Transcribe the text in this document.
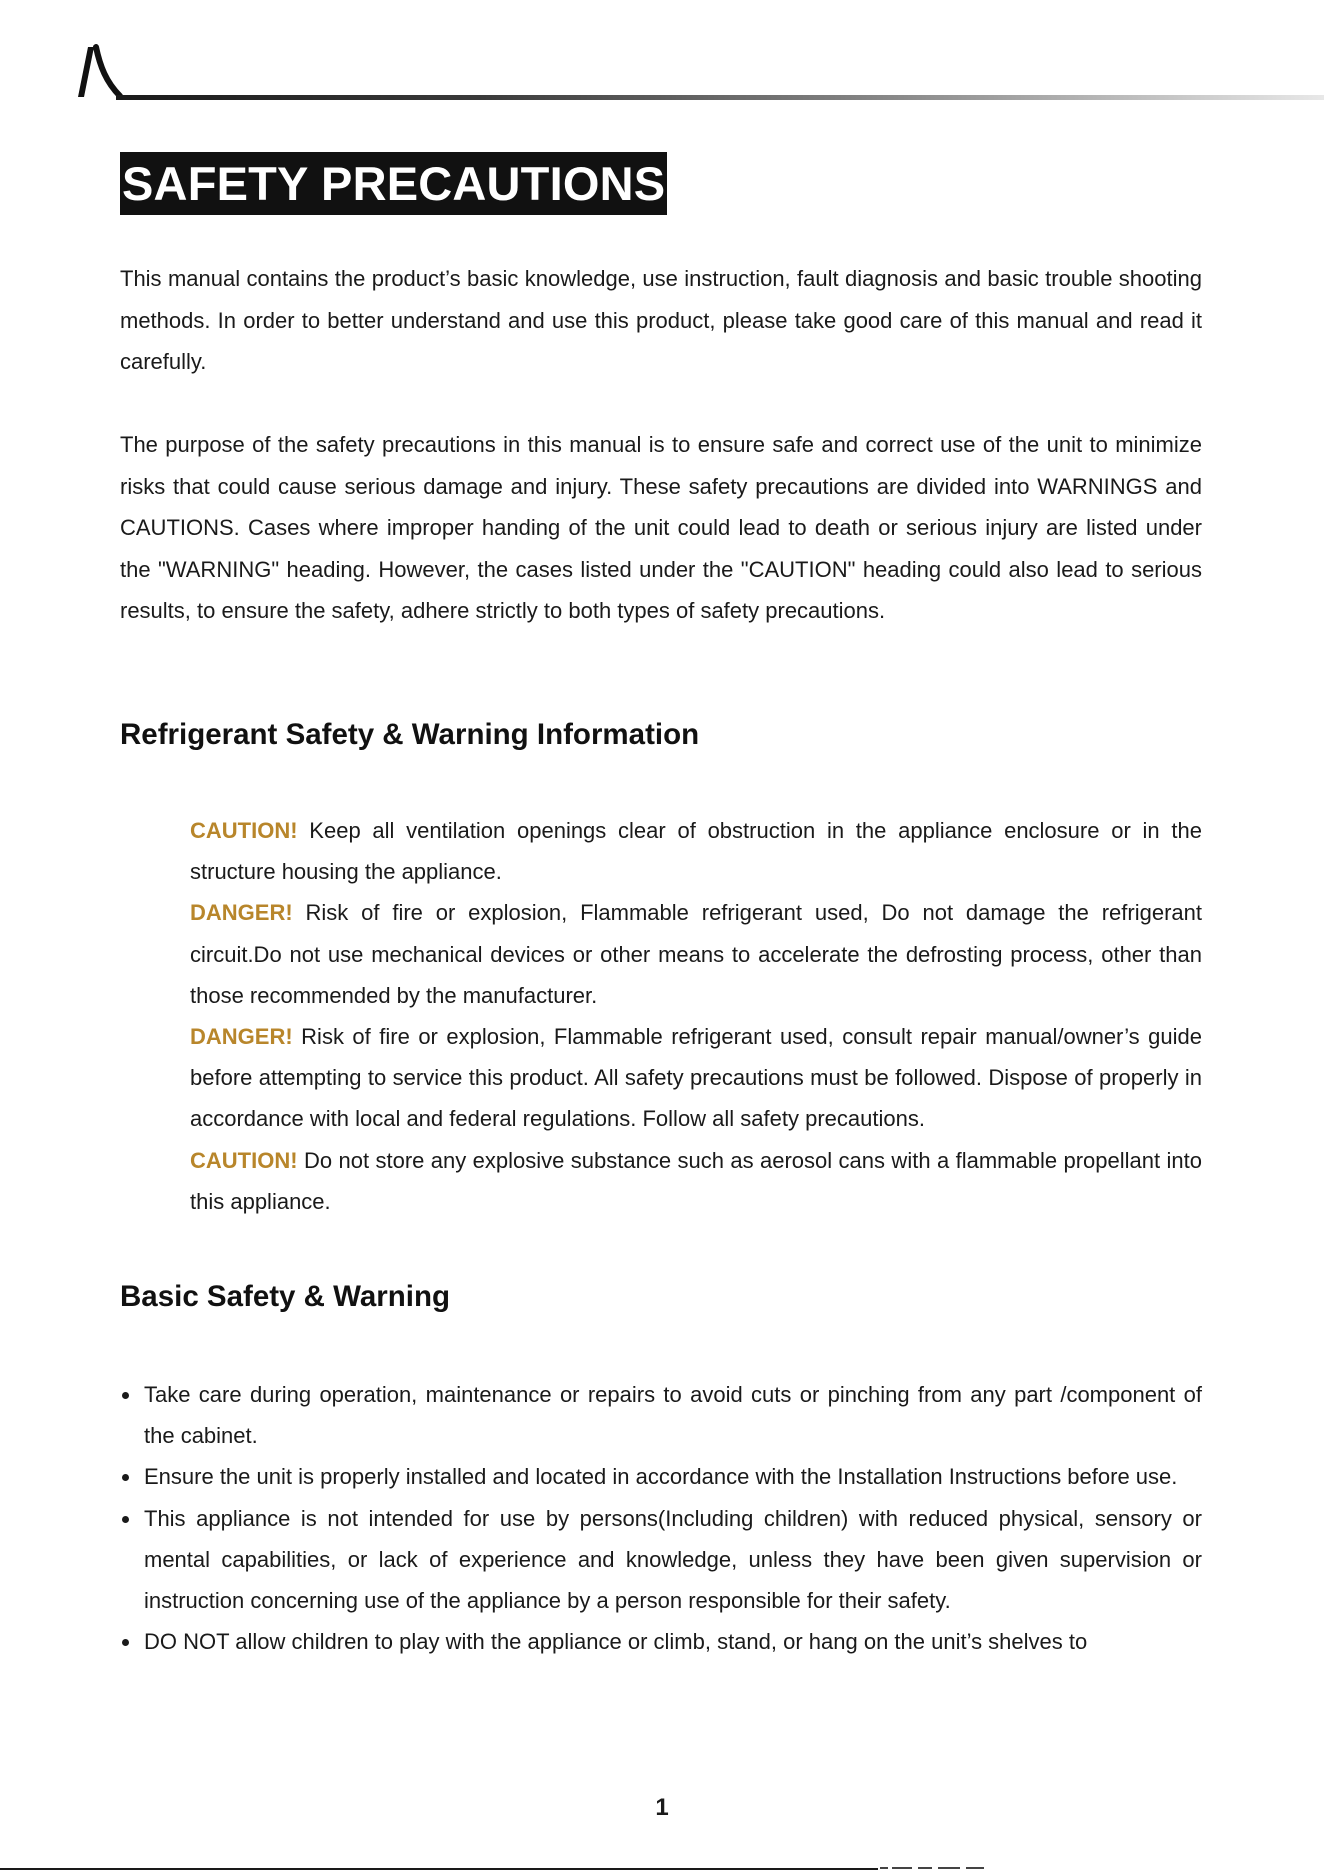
SAFETY PRECAUTIONS

This manual contains the product’s basic knowledge, use instruction, fault diagnosis and basic trouble shooting methods. In order to better understand and use this product, please take good care of this manual and read it carefully.

The purpose of the safety precautions in this manual is to ensure safe and correct use of the unit to minimize risks that could cause serious damage and injury. These safety precautions are divided into WARNINGS and CAUTIONS. Cases where improper handing of the unit could lead to death or serious injury are listed under the "WARNING" heading. However, the cases listed under the "CAUTION" heading could also lead to serious results, to ensure the safety, adhere strictly to both types of safety precautions.

Refrigerant Safety & Warning Information

CAUTION! Keep all ventilation openings clear of obstruction in the appliance enclosure or in the structure housing the appliance.

DANGER! Risk of fire or explosion, Flammable refrigerant used, Do not damage the refrigerant circuit.Do not use mechanical devices or other means to accelerate the defrosting process, other than those recommended by the manufacturer.

DANGER! Risk of fire or explosion, Flammable refrigerant used, consult repair manual/owner’s guide before attempting to service this product. All safety precautions must be followed. Dispose of properly in accordance with local and federal regulations. Follow all safety precautions.

CAUTION! Do not store any explosive substance such as aerosol cans with a flammable propellant into this appliance.

Basic Safety & Warning
Take care during operation, maintenance or repairs to avoid cuts or pinching from any part /component of the cabinet.
Ensure the unit is properly installed and located in accordance with the Installation Instructions before use.
This appliance is not intended for use by persons(Including children) with reduced physical, sensory or mental capabilities, or lack of experience and knowledge, unless they have been given supervision or instruction concerning use of the appliance by a person responsible for their safety.
DO NOT allow children to play with the appliance or climb, stand, or hang on the unit’s shelves to
1
